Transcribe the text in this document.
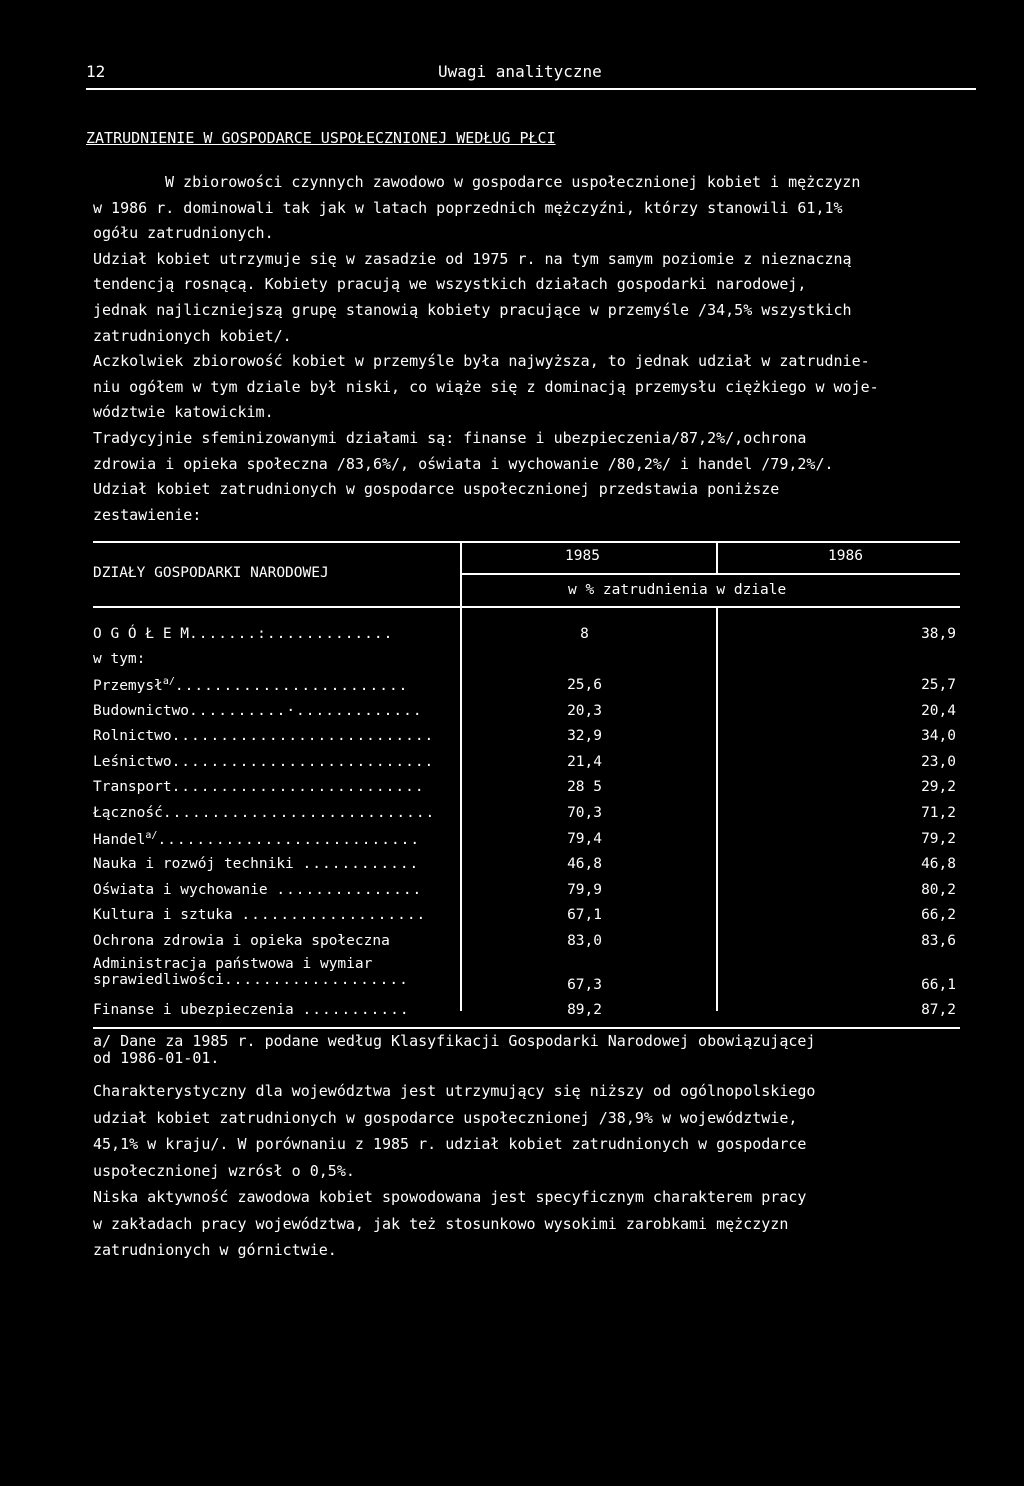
12	Uwagi analityczne
ZATRUDNIENIE W GOSPODARCE USPOŁECZNIONEJ WEDŁUG PŁCI
W zbiorowości czynnych zawodowo w gospodarce uspołecznionej kobiet i mężczyzn
w 1986 r. dominowali tak jak w latach poprzednich mężczyźni, którzy stanowili 61,1%
ogółu zatrudnionych.
Udział kobiet utrzymuje się w zasadzie od 1975 r. na tym samym poziomie z nieznaczną
tendencją rosnącą. Kobiety pracują we wszystkich działach gospodarki narodowej,
jednak najliczniejszą grupę stanowią kobiety pracujące w przemyśle /34,5% wszystkich
zatrudnionych kobiet/.
Aczkolwiek zbiorowość kobiet w przemyśle była najwyższa, to jednak udział w zatrudnie-
niu ogółem w tym dziale był niski, co wiąże się z dominacją przemysłu ciężkiego w woje-
wództwie katowickim.
Tradycyjnie sfeminizowanymi działami są: finanse i ubezpieczenia/87,2%/,ochrona
zdrowia i opieka społeczna /83,6%/, oświata i wychowanie /80,2%/ i handel /79,2%/.
Udział kobiet zatrudnionych w gospodarce uspołecznionej przedstawia poniższe
zestawienie:
DZIAŁY GOSPODARKI NARODOWEJ
1985	1986
w % zatrudnienia w dziale
O G Ó Ł E M.......:.............	8	38,9
w tym:		
Przemysł$^{a/}$........................	25,6	25,7
Budownictwo..........·.............	20,3	20,4
Rolnictwo...........................	32,9	34,0
Leśnictwo...........................	21,4	23,0
Transport..........................	28 5	29,2
Łączność............................	70,3	71,2
Handel$^{a/}$...........................	79,4	79,2
Nauka i rozwój techniki ............	46,8	46,8
Oświata i wychowanie ...............	79,9	80,2
Kultura i sztuka ...................	67,1	66,2
Ochrona zdrowia i opieka społeczna	83,0	83,6
Administracja państwowa i wymiar		
sprawiedliwości...................	67,3	66,1
Finanse i ubezpieczenia ...........	89,2	87,2
a/ Dane za 1985 r. podane według Klasyfikacji Gospodarki Narodowej obowiązującej
od 1986-01-01.
Charakterystyczny dla województwa jest utrzymujący się niższy od ogólnopolskiego
udział kobiet zatrudnionych w gospodarce uspołecznionej /38,9% w województwie,
45,1% w kraju/. W porównaniu z 1985 r. udział kobiet zatrudnionych w gospodarce
uspołecznionej wzrósł o 0,5%.
Niska aktywność zawodowa kobiet spowodowana jest specyficznym charakterem pracy
w zakładach pracy województwa, jak też stosunkowo wysokimi zarobkami mężczyzn
zatrudnionych w górnictwie.
